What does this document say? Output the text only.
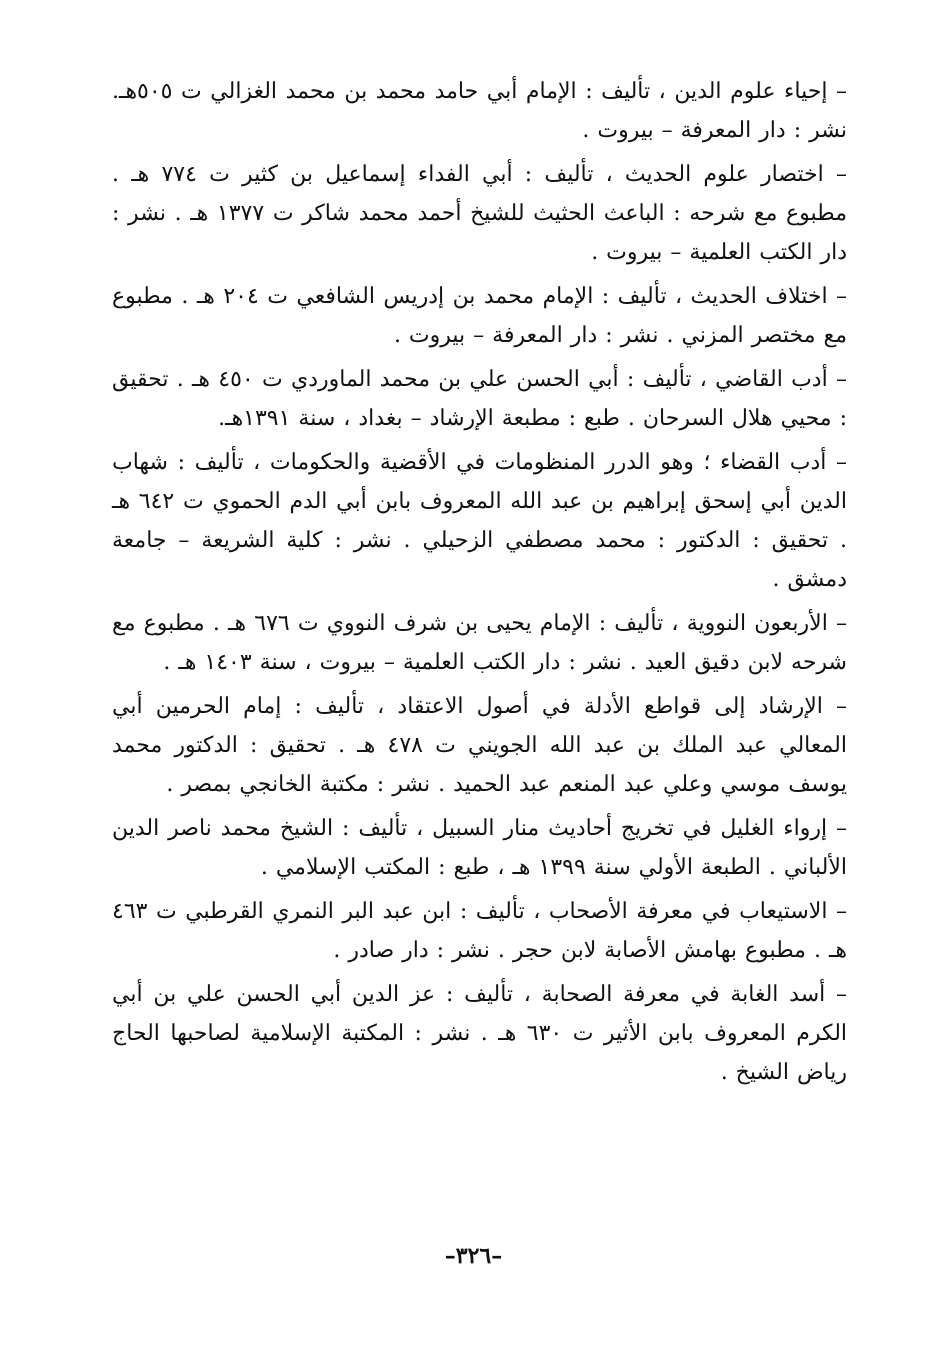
– إحياء علوم الدين ، تأليف : الإمام أبي حامد محمد بن محمد الغزالي ت ٥٠٥هـ. نشر : دار المعرفة – بيروت .

– اختصار علوم الحديث ، تأليف : أبي الفداء إسماعيل بن كثير ت ٧٧٤ هـ . مطبوع مع شرحه : الباعث الحثيث للشيخ أحمد محمد شاكر ت ١٣٧٧ هـ . نشر : دار الكتب العلمية – بيروت .

– اختلاف الحديث ، تأليف : الإمام محمد بن إدريس الشافعي ت ٢٠٤ هـ . مطبوع مع مختصر المزني . نشر : دار المعرفة – بيروت .

– أدب القاضي ، تأليف : أبي الحسن علي بن محمد الماوردي ت ٤٥٠ هـ . تحقيق : محيي هلال السرحان . طبع : مطبعة الإرشاد – بغداد ، سنة ١٣٩١هـ.

– أدب القضاء ؛ وهو الدرر المنظومات في الأقضية والحكومات ، تأليف : شهاب الدين أبي إسحق إبراهيم بن عبد الله المعروف بابن أبي الدم الحموي ت ٦٤٢ هـ . تحقيق : الدكتور : محمد مصطفي الزحيلي . نشر : كلية الشريعة – جامعة دمشق .

– الأربعون النووية ، تأليف : الإمام يحيى بن شرف النووي ت ٦٧٦ هـ . مطبوع مع شرحه لابن دقيق العيد . نشر : دار الكتب العلمية – بيروت ، سنة ١٤٠٣ هـ .

– الإرشاد إلى قواطع الأدلة في أصول الاعتقاد ، تأليف : إمام الحرمين أبي المعالي عبد الملك بن عبد الله الجويني ت ٤٧٨ هـ . تحقيق : الدكتور محمد يوسف موسي وعلي عبد المنعم عبد الحميد . نشر : مكتبة الخانجي بمصر .

– إرواء الغليل في تخريج أحاديث منار السبيل ، تأليف : الشيخ محمد ناصر الدين الألباني . الطبعة الأولي سنة ١٣٩٩ هـ ، طبع : المكتب الإسلامي .

– الاستيعاب في معرفة الأصحاب ، تأليف : ابن عبد البر النمري القرطبي ت ٤٦٣ هـ . مطبوع بهامش الأصابة لابن حجر . نشر : دار صادر .

– أسد الغابة في معرفة الصحابة ، تأليف : عز الدين أبي الحسن علي بن أبي الكرم المعروف بابن الأثير ت ٦٣٠ هـ . نشر : المكتبة الإسلامية لصاحبها الحاج رياض الشيخ .

–٣٢٦–
